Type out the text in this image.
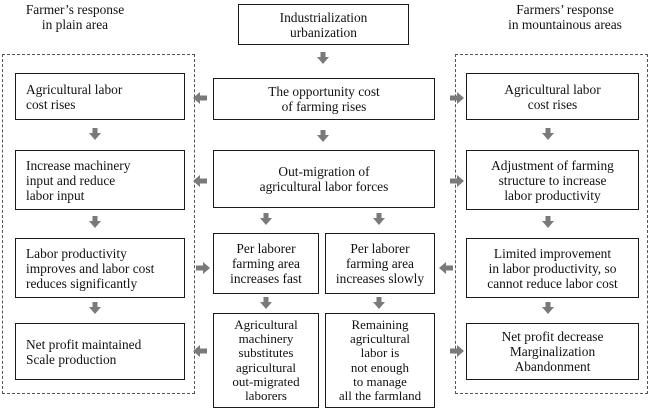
Farmer’s response
in plain area
Farmers’ response
in mountainous areas
Industrialization
urbanization
The opportunity cost
of farming rises
Out-migration of
agricultural labor forces
Per laborer
farming area
increases fast
Per laborer
farming area
increases slowly
Agricultural
machinery
substitutes
agricultural
out-migrated
laborers
Remaining
agricultural
labor is
not enough
to manage
all the farmland
Agricultural labor
cost rises
Increase machinery
input and reduce
labor input
Labor productivity
improves and labor cost
reduces significantly
Net profit maintained
Scale production
Agricultural labor
cost rises
Adjustment of farming
structure to increase
labor productivity
Limited improvement
in labor productivity, so
cannot reduce labor cost
Net profit decrease
Marginalization
Abandonment
